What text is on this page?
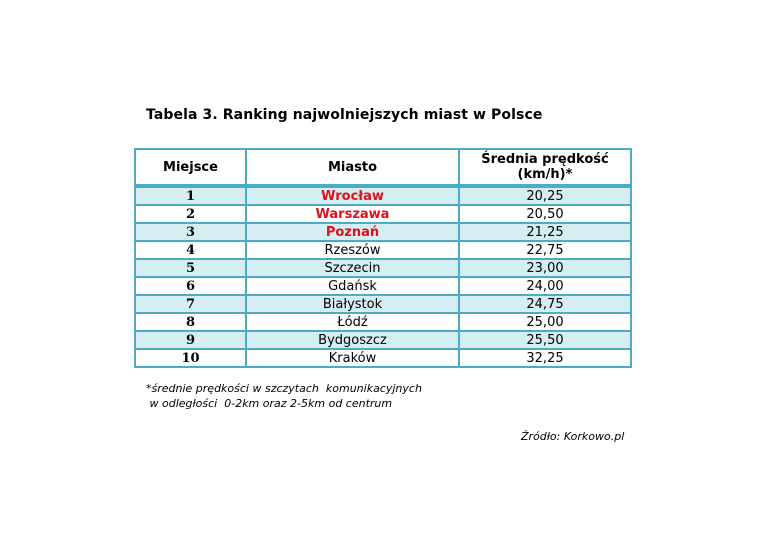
Tabela 3. Ranking najwolniejszych miast w Polsce
Miejsce	Miasto	Średnia prędkość
(km/h)*
1	Wrocław	20,25
2	Warszawa	20,50
3	Poznań	21,25
4	Rzeszów	22,75
5	Szczecin	23,00
6	Gdańsk	24,00
7	Białystok	24,75
8	Łódź	25,00
9	Bydgoszcz	25,50
10	Kraków	32,25
*średnie prędkości w szczytach  komunikacyjnych
w odległości  0-2km oraz 2-5km od centrum
Źródło: Korkowo.pl
